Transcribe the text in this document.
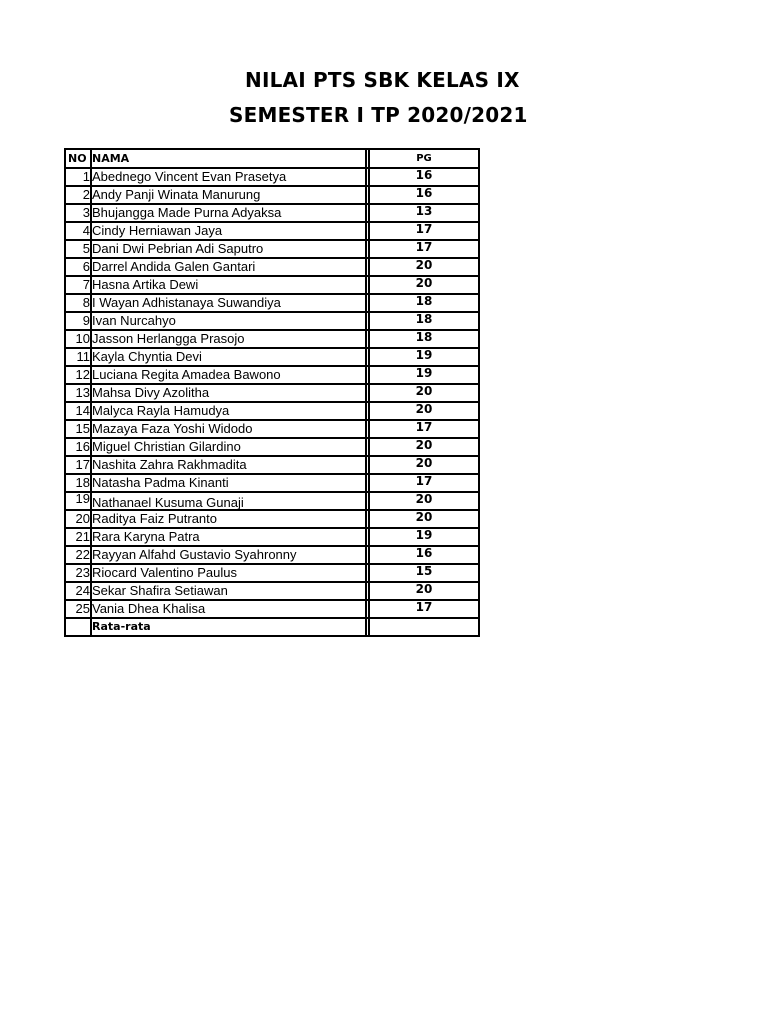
NILAI PTS SBK KELAS IX
SEMESTER I TP 2020/2021
NO	NAMA		PG
1	Abednego Vincent Evan Prasetya		16
2	Andy Panji Winata Manurung		16
3	Bhujangga Made Purna Adyaksa		13
4	Cindy Herniawan Jaya		17
5	Dani Dwi Pebrian Adi Saputro		17
6	Darrel Andida Galen Gantari		20
7	Hasna Artika Dewi		20
8	I Wayan Adhistanaya Suwandiya		18
9	Ivan Nurcahyo		18
10	Jasson Herlangga Prasojo		18
11	Kayla Chyntia Devi		19
12	Luciana Regita Amadea Bawono		19
13	Mahsa Divy Azolitha		20
14	Malyca Rayla Hamudya		20
15	Mazaya Faza Yoshi Widodo		17
16	Miguel Christian Gilardino		20
17	Nashita Zahra Rakhmadita		20
18	Natasha Padma Kinanti		17
19	Nathanael Kusuma Gunaji		20
20	Raditya Faiz Putranto		20
21	Rara Karyna Patra		19
22	Rayyan Alfahd Gustavio Syahronny		16
23	Riocard Valentino Paulus		15
24	Sekar Shafira Setiawan		20
25	Vania Dhea Khalisa		17
	Rata-rata		
